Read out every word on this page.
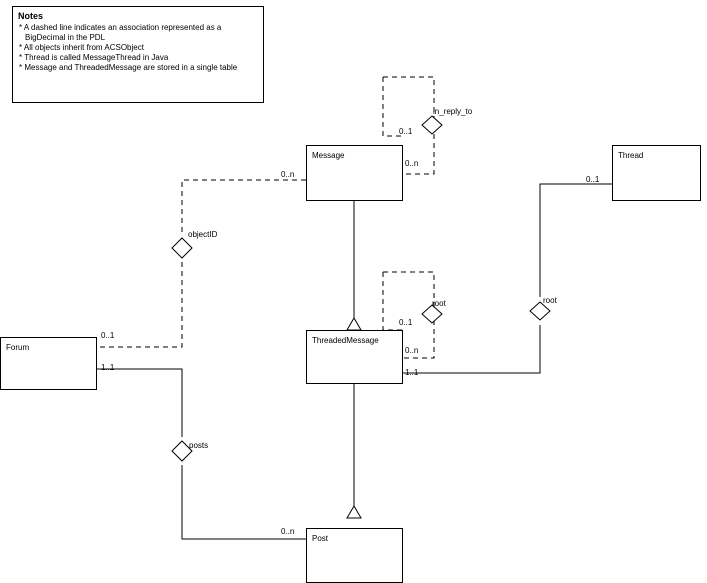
Notes
* A dashed line indicates an association represented as a BigDecimal in the PDL
* All objects inherit from ACSObject
* Thread is called MessageThread in Java
* Message and ThreadedMessage are stored in a single table
Message	Thread
Forum
ThreadedMessage
Post
in_reply_to
objectID
root	root
posts
0..1
0..n
0..n
0..1
0..1
1..1
0..1
0..n
1..1
0..n
